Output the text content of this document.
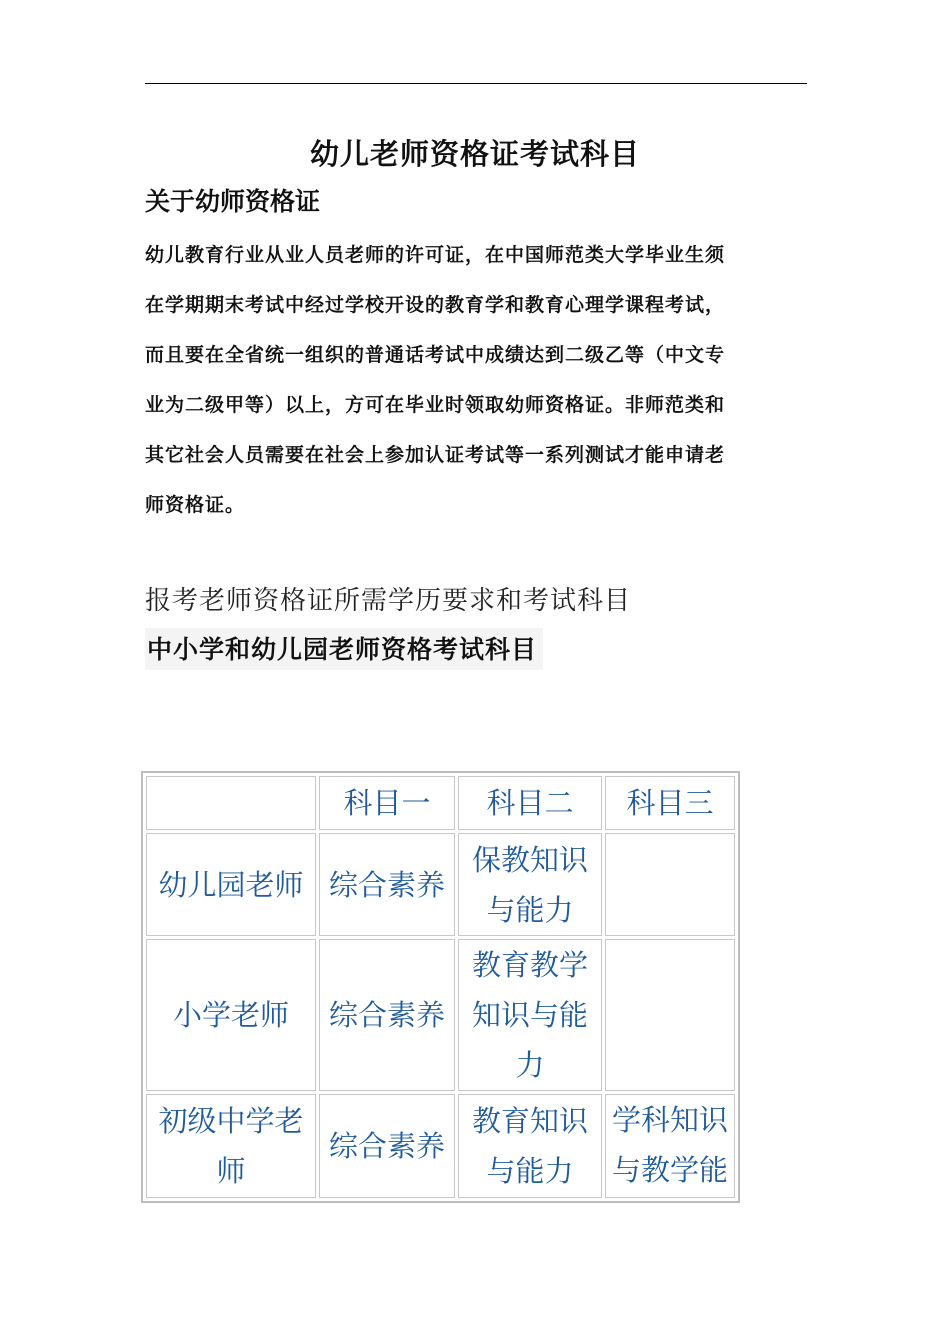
幼儿老师资格证考试科目
关于幼师资格证
幼儿教育行业从业人员老师的许可证，在中国师范类大学毕业生须
在学期期末考试中经过学校开设的教育学和教育心理学课程考试，
而且要在全省统一组织的普通话考试中成绩达到二级乙等（中文专
业为二级甲等）以上，方可在毕业时领取幼师资格证。非师范类和
其它社会人员需要在社会上参加认证考试等一系列测试才能申请老
师资格证。
报考老师资格证所需学历要求和考试科目
中小学和幼儿园老师资格考试科目
	科目一	科目二	科目三
幼儿园老师	综合素养	保教知识与能力	
小学老师	综合素养	教育教学知识与能力	
初级中学老师	综合素养	教育知识与能力	学科知识与教学能
